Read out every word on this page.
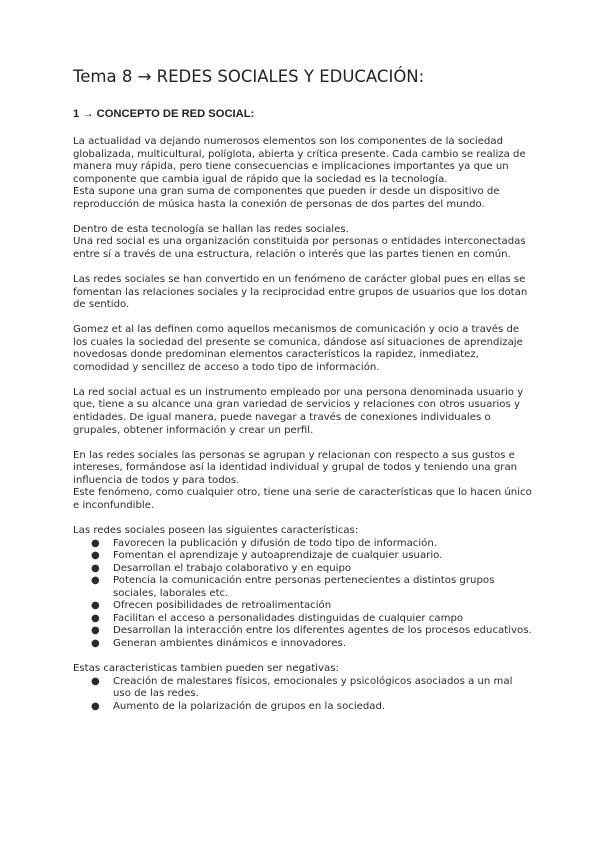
Tema 8 → REDES SOCIALES Y EDUCACIÓN:
1 → CONCEPTO DE RED SOCIAL:

La actualidad va dejando numerosos elementos son los componentes de la sociedad globalizada, multicultural, políglota, abierta y crítica presente. Cada cambio se realiza de manera muy rápida, pero tiene consecuencias e implicaciones importantes ya que un componente que cambia igual de rápido que la sociedad es la tecnología.
Esta supone una gran suma de componentes que pueden ir desde un dispositivo de reproducción de música hasta la conexión de personas de dos partes del mundo.

Dentro de esta tecnología se hallan las redes sociales.
Una red social es una organización constituida por personas o entidades interconectadas entre sí a través de una estructura, relación o interés que las partes tienen en común.

Las redes sociales se han convertido en un fenómeno de carácter global pues en ellas se fomentan las relaciones sociales y la reciprocidad entre grupos de usuarios que los dotan de sentido.

Gomez et al las definen como aquellos mecanismos de comunicación y ocio a través de los cuales la sociedad del presente se comunica, dándose así situaciones de aprendizaje novedosas donde predominan elementos característicos la rapidez, inmediatez, comodidad y sencillez de acceso a todo tipo de información.

La red social actual es un instrumento empleado por una persona denominada usuario y que, tiene a su alcance una gran variedad de servicios y relaciones con otros usuarios y entidades. De igual manera, puede navegar a través de conexiones individuales o grupales, obtener información y crear un perfil.

En las redes sociales las personas se agrupan y relacionan con respecto a sus gustos e intereses, formándose así la identidad individual y grupal de todos y teniendo una gran influencia de todos y para todos.
Este fenómeno, como cualquier otro, tiene una serie de características que lo hacen único e inconfundible.

Las redes sociales poseen las siguientes características:

● Favorecen la publicación y difusión de todo tipo de información.
● Fomentan el aprendizaje y autoaprendizaje de cualquier usuario.
● Desarrollan el trabajo colaborativo y en equipo
● Potencia la comunicación entre personas pertenecientes a distintos grupos sociales, laborales etc.
● Ofrecen posibilidades de retroalimentación
● Facilitan el acceso a personalidades distinguidas de cualquier campo
● Desarrollan la interacción entre los diferentes agentes de los procesos educativos.
● Generan ambientes dinámicos e innovadores.

Estas caracteristicas tambien pueden ser negativas:

● Creación de malestares físicos, emocionales y psicológicos asociados a un mal uso de las redes.
● Aumento de la polarización de grupos en la sociedad.
